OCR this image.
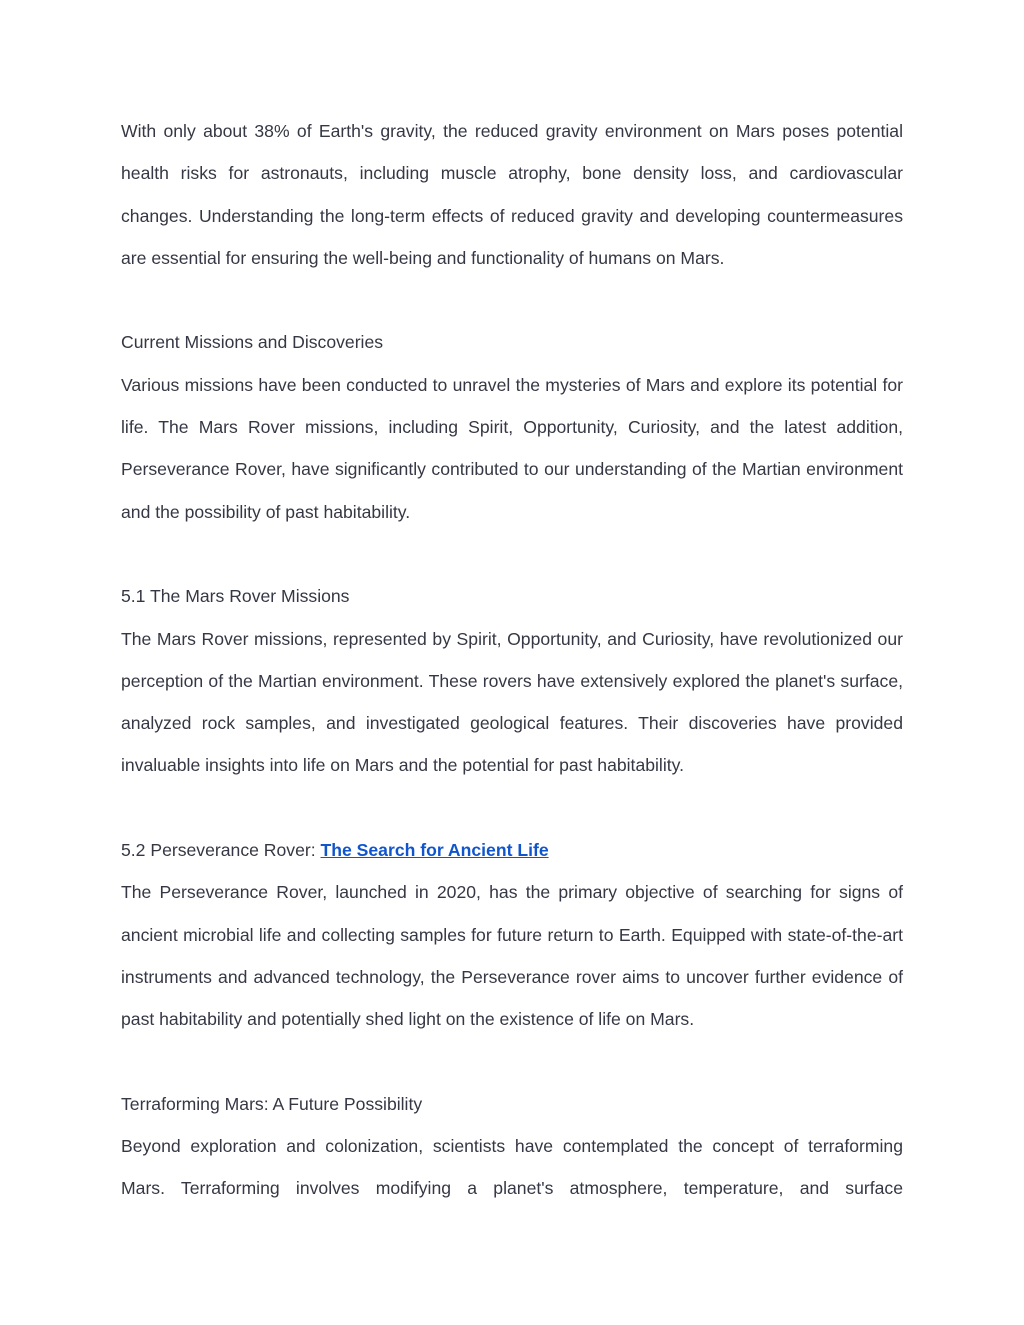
With only about 38% of Earth's gravity, the reduced gravity environment on Mars poses potential health risks for astronauts, including muscle atrophy, bone density loss, and cardiovascular changes. Understanding the long-term effects of reduced gravity and developing countermeasures are essential for ensuring the well-being and functionality of humans on Mars.

Current Missions and Discoveries

Various missions have been conducted to unravel the mysteries of Mars and explore its potential for life. The Mars Rover missions, including Spirit, Opportunity, Curiosity, and the latest addition, Perseverance Rover, have significantly contributed to our understanding of the Martian environment and the possibility of past habitability.

5.1 The Mars Rover Missions

The Mars Rover missions, represented by Spirit, Opportunity, and Curiosity, have revolutionized our perception of the Martian environment. These rovers have extensively explored the planet's surface, analyzed rock samples, and investigated geological features. Their discoveries have provided invaluable insights into life on Mars and the potential for past habitability.

5.2 Perseverance Rover: The Search for Ancient Life

The Perseverance Rover, launched in 2020, has the primary objective of searching for signs of ancient microbial life and collecting samples for future return to Earth. Equipped with state-of-the-art instruments and advanced technology, the Perseverance rover aims to uncover further evidence of past habitability and potentially shed light on the existence of life on Mars.

Terraforming Mars: A Future Possibility

Beyond exploration and colonization, scientists have contemplated the concept of terraforming Mars. Terraforming involves modifying a planet's atmosphere, temperature, and surface
